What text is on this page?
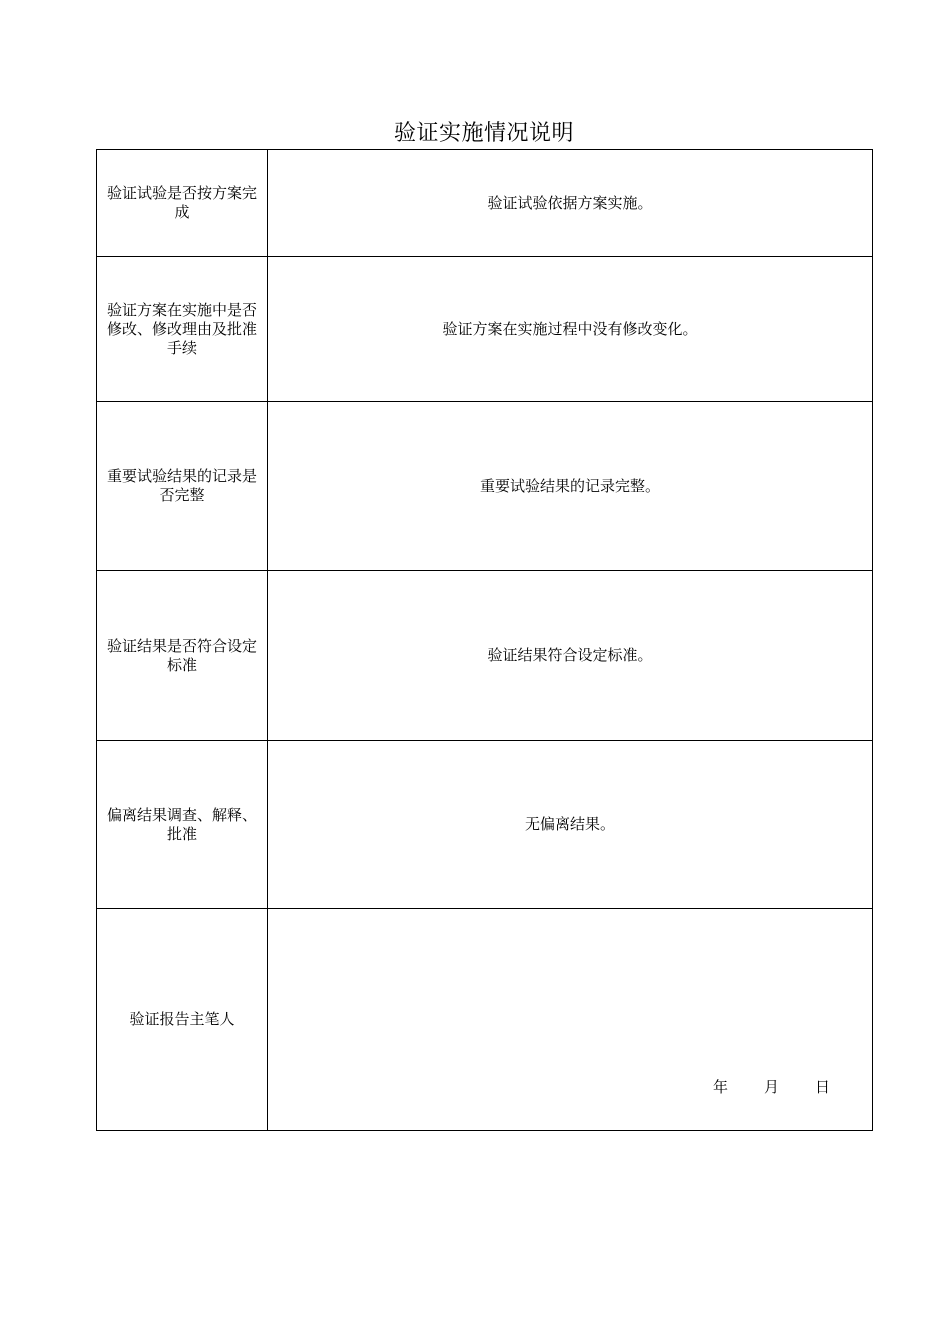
验证实施情况说明
验证试验是否按方案完成	验证试验依据方案实施。
验证方案在实施中是否修改、修改理由及批准手续	验证方案在实施过程中没有修改变化。
重要试验结果的记录是否完整	重要试验结果的记录完整。
验证结果是否符合设定标准	验证结果符合设定标准。
偏离结果调查、解释、批准	无偏离结果。
验证报告主笔人	年 月 日
